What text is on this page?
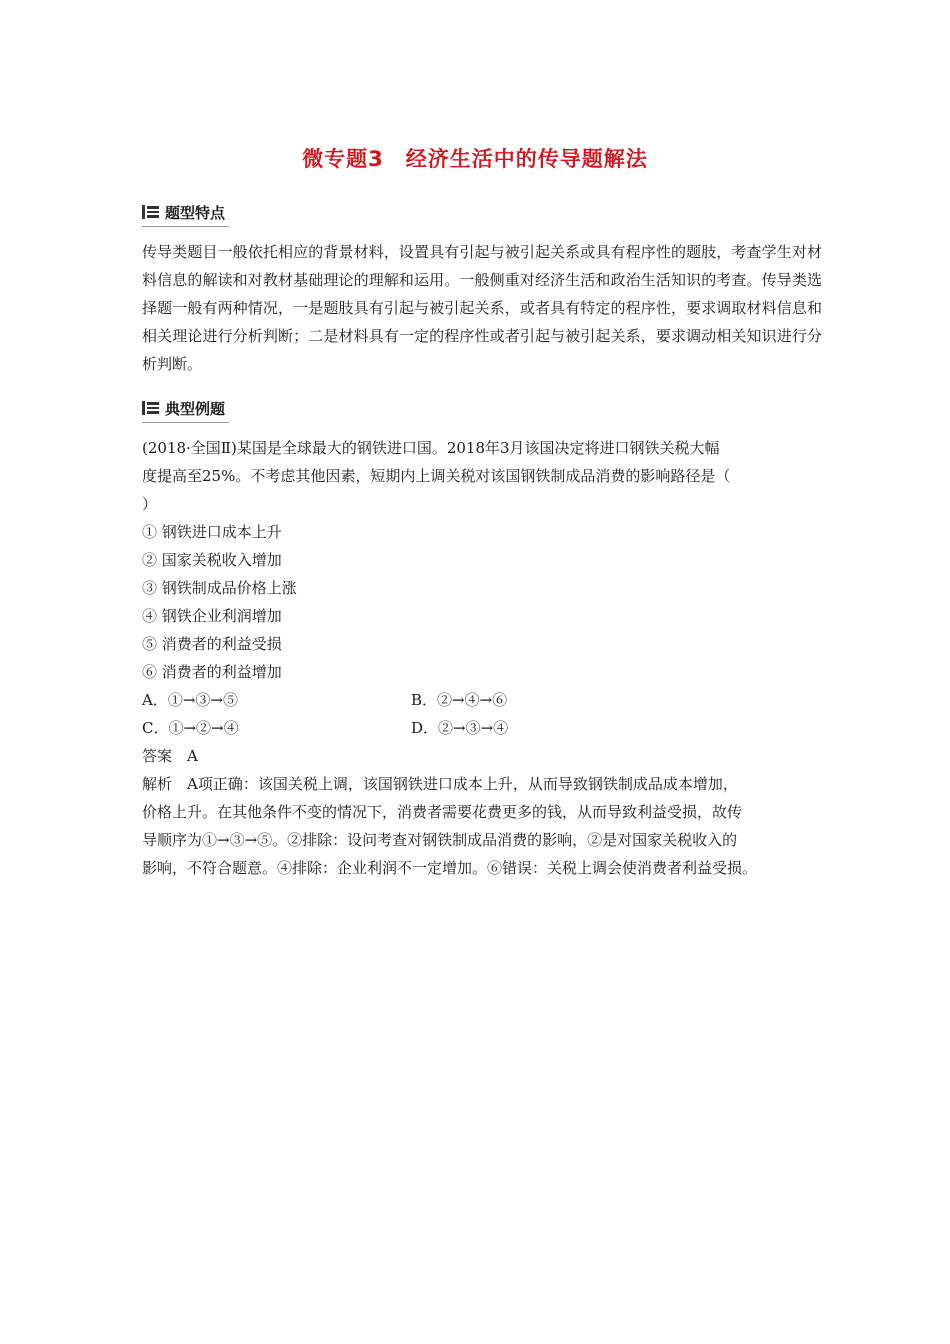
微专题3　经济生活中的传导题解法
题型特点

传导类题目一般依托相应的背景材料，设置具有引起与被引起关系或具有程序性的题肢，考查学生对材料信息的解读和对教材基础理论的理解和运用。一般侧重对经济生活和政治生活知识的考查。传导类选择题一般有两种情况，一是题肢具有引起与被引起关系，或者具有特定的程序性，要求调取材料信息和相关理论进行分析判断；二是材料具有一定的程序性或者引起与被引起关系，要求调动相关知识进行分析判断。

典型例题
(2018·全国Ⅱ)某国是全球最大的钢铁进口国。2018年3月该国决定将进口钢铁关税大幅
度提高至25%。不考虑其他因素，短期内上调关税对该国钢铁制成品消费的影响路径是（
）
① 钢铁进口成本上升
② 国家关税收入增加
③ 钢铁制成品价格上涨
④ 钢铁企业利润增加
⑤ 消费者的利益受损
⑥ 消费者的利益增加
A．①→③→⑤	B．②→④→⑥
C．①→②→④	D．②→③→④
答案　A
解析　A项正确：该国关税上调，该国钢铁进口成本上升，从而导致钢铁制成品成本增加，
价格上升。在其他条件不变的情况下，消费者需要花费更多的钱，从而导致利益受损，故传
导顺序为①→③→⑤。②排除：设问考查对钢铁制成品消费的影响，②是对国家关税收入的
影响，不符合题意。④排除：企业利润不一定增加。⑥错误：关税上调会使消费者利益受损。
